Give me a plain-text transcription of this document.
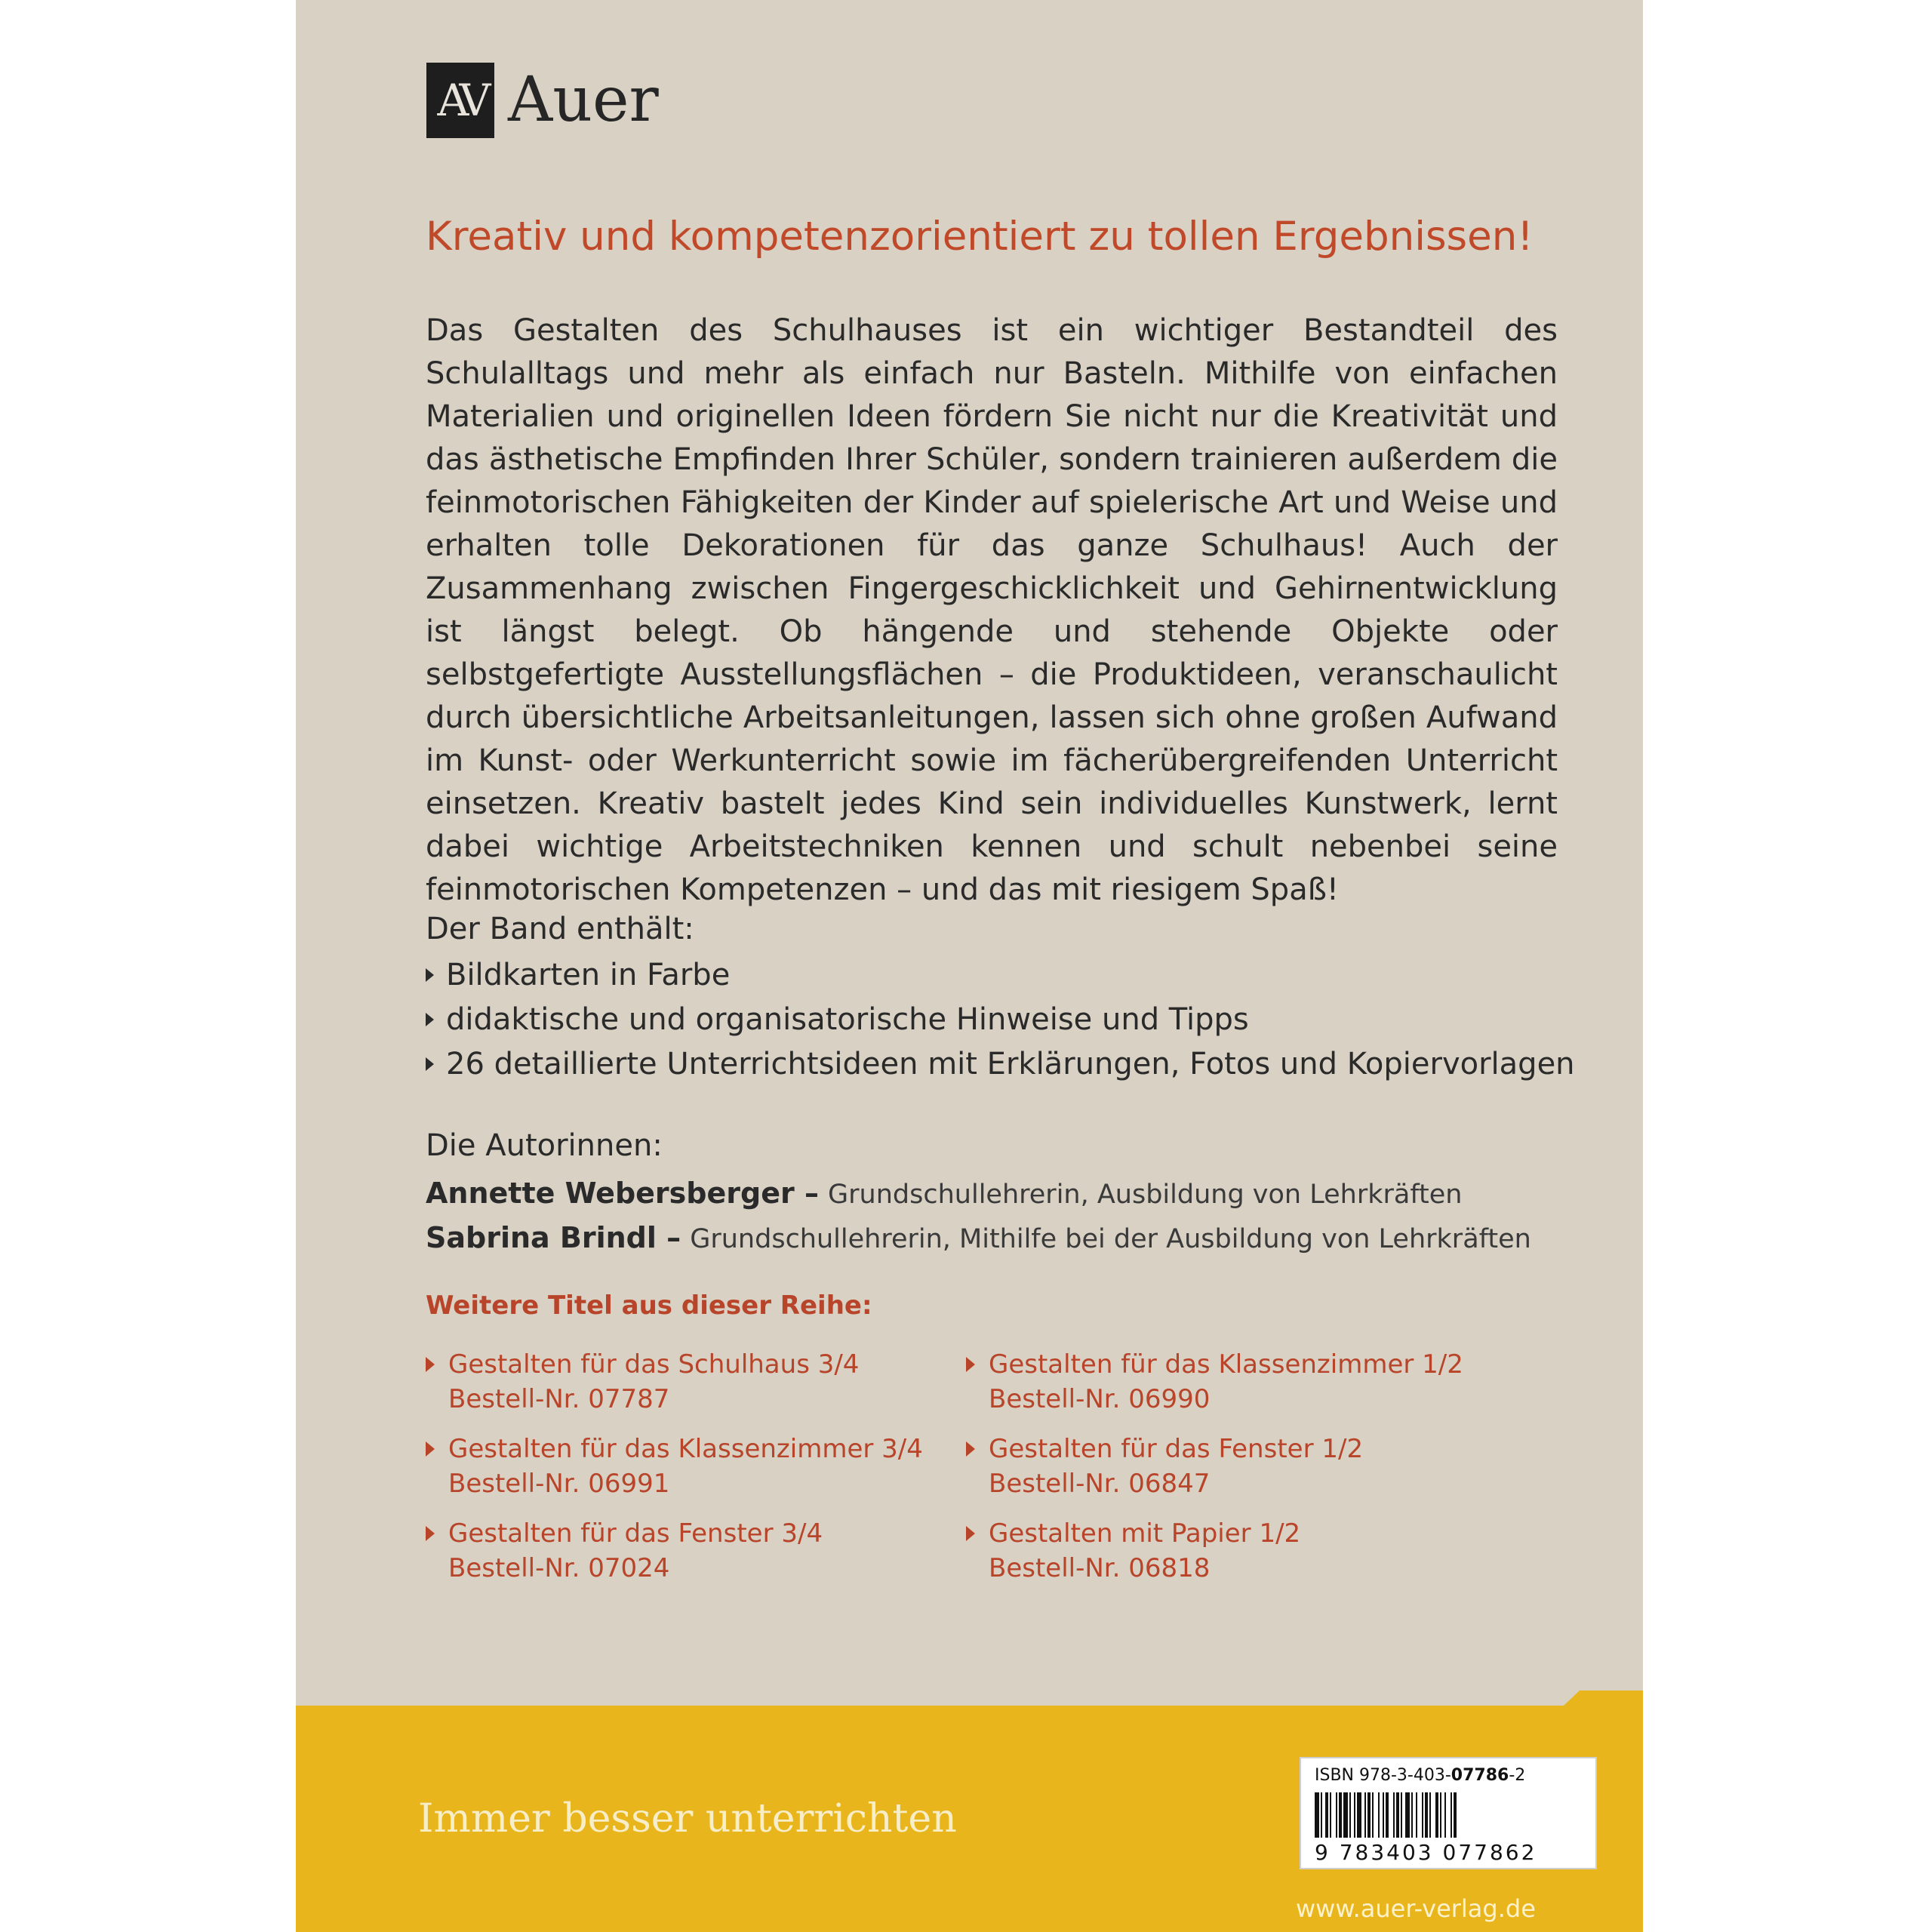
AV Auer
Kreativ und kompetenzorientiert zu tollen Ergebnissen!
Das Gestalten des Schulhauses ist ein wichtiger Bestandteil des Schulalltags und mehr als einfach nur Basteln. Mithilfe von einfachen Materialien und originellen Ideen fördern Sie nicht nur die Kreativität und das ästhetische Empfinden Ihrer Schüler, sondern trainieren außerdem die feinmotorischen Fähigkeiten der Kinder auf spielerische Art und Weise und erhalten tolle Dekorationen für das ganze Schulhaus! Auch der Zusammenhang zwischen Fingergeschicklichkeit und Gehirnentwicklung ist längst belegt. Ob hängende und stehende Objekte oder selbstgefertigte Ausstellungsflächen – die Produktideen, veranschaulicht durch übersichtliche Arbeitsanleitungen, lassen sich ohne großen Aufwand im Kunst- oder Werkunterricht sowie im fächerübergreifenden Unterricht einsetzen. Kreativ bastelt jedes Kind sein individuelles Kunstwerk, lernt dabei wichtige Arbeitstechniken kennen und schult nebenbei seine feinmotorischen Kompetenzen – und das mit riesigem Spaß!
Der Band enthält:
Bildkarten in Farbe
didaktische und organisatorische Hinweise und Tipps
26 detaillierte Unterrichtsideen mit Erklärungen, Fotos und Kopiervorlagen
Die Autorinnen:
Annette Webersberger – Grundschullehrerin, Ausbildung von Lehrkräften
Sabrina Brindl – Grundschullehrerin, Mithilfe bei der Ausbildung von Lehrkräften
Weitere Titel aus dieser Reihe:
Gestalten für das Schulhaus 3/4
Bestell-Nr. 07787
Gestalten für das Klassenzimmer 3/4
Bestell-Nr. 06991
Gestalten für das Fenster 3/4
Bestell-Nr. 07024
Gestalten für das Klassenzimmer 1/2
Bestell-Nr. 06990
Gestalten für das Fenster 1/2
Bestell-Nr. 06847
Gestalten mit Papier 1/2
Bestell-Nr. 06818
Immer besser unterrichten
www.auer-verlag.de
ISBN 978-3-403-07786-2
9 783403 077862
